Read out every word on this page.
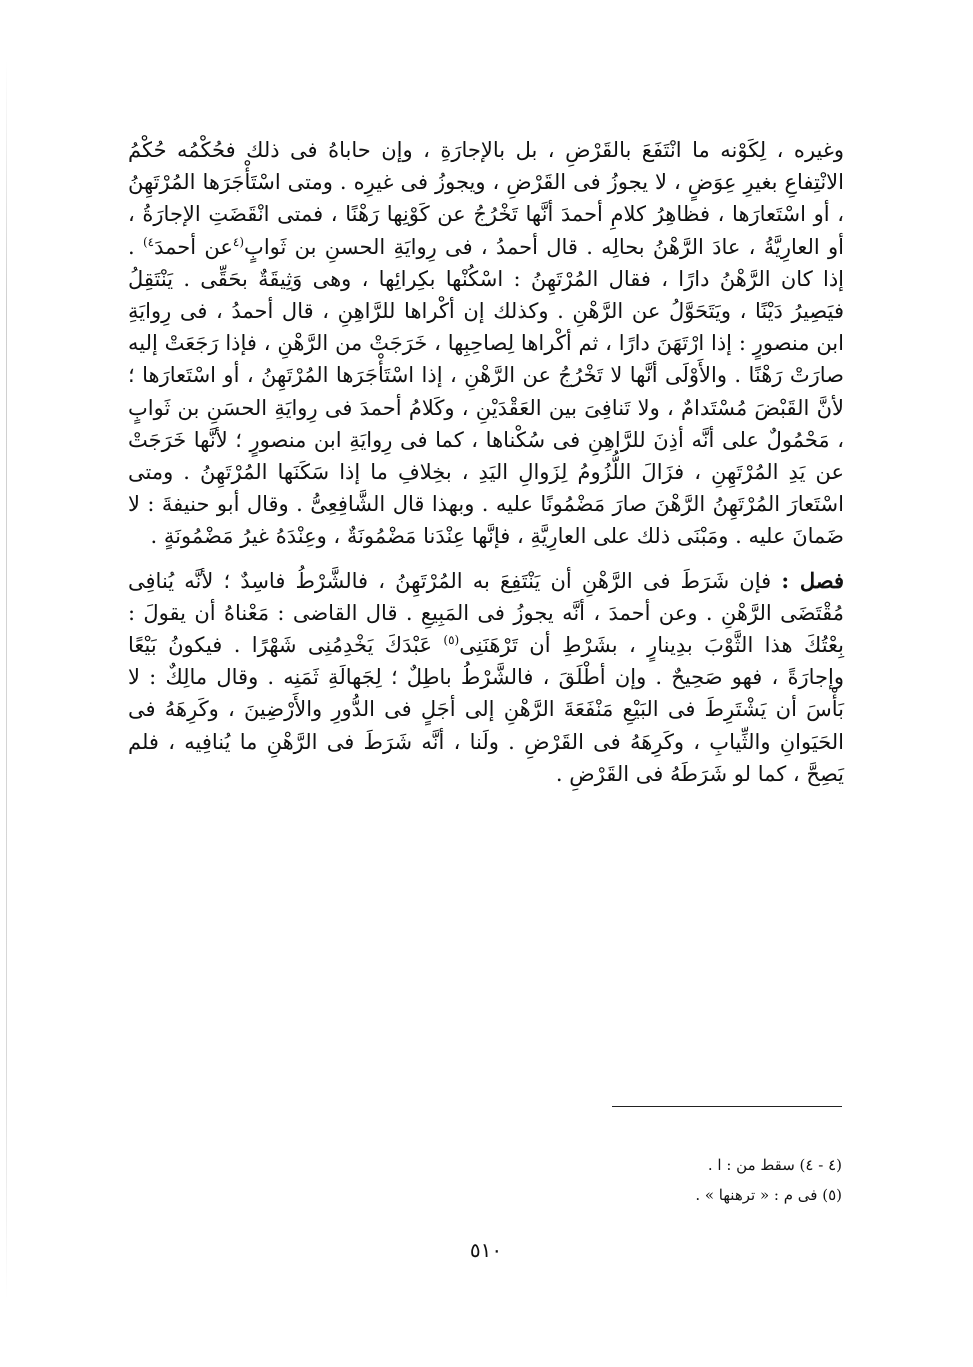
وغيره ، لِكَوْنه ما انْتَفَعَ بالقَرْضِ ، بل بالإجارَةِ ، وإن حاباهُ فى ذلك فحُكْمُه حُكْمُ الانْتِفاعِ بغيرِ عِوَضٍ ، لا يجوزُ فى القَرْضِ ، ويجوزُ فى غيرِه . ومتى اسْتَأْجَرَها المُرْتَهِنُ ، أو اسْتَعارَها ، فظاهِرُ كلامِ أحمدَ أنَّها تَخْرُجُ عن كَوْنِها رَهْنًا ، فمتى انْقَضَتِ الإجارَةُ ، أو العارِيَّةُ ، عادَ الرَّهْنُ بحالِه . قال أحمدُ ، فى رِوايَةِ الحسنِ بن ثَوابٍ$^{(٤}$عن أحمدَ$^{٤)}$ . إذا كان الرَّهْنُ دارًا ، فقال المُرْتَهِنُ : اسْكُنْها بكِرائِها ، وهى وَثِيقَةٌ بحَقِّى . يَنْتَقِلُ فيَصِيرُ دَيْنًا ، ويَتَحَوَّلُ عن الرَّهْنِ . وكذلك إن أكْراها للرَّاهِنِ ، قال أحمدُ ، فى رِوايَةِ ابن منصورٍ : إذا ارْتَهَنَ دارًا ، ثم أكْراها لِصاحِبِها ، خَرَجَتْ من الرَّهْنِ ، فإذا رَجَعَتْ إليه صارَتْ رَهْنًا . والأَوْلَى أنَّها لا تَخْرُجُ عن الرَّهْنِ ، إذا اسْتَأْجَرَها المُرْتَهِنُ ، أو اسْتَعارَها ؛ لأنَّ القَبْضَ مُسْتَدامٌ ، ولا تَنافِىَ بين العَقْدَيْنِ ، وكَلامُ أحمدَ فى رِوايَةِ الحسَنِ بن ثَوابٍ ، مَحْمُولٌ على أنَّه أذِنَ للرَّاهِنِ فى سُكْناها ، كما فى رِوايَةِ ابن منصورٍ ؛ لأنَّها خَرَجَتْ عن يَدِ المُرْتَهِنِ ، فزَالَ اللُّزُومُ لِزَوالِ اليَدِ ، بخِلافِ ما إذا سَكَنَها المُرْتَهِنُ . ومتى اسْتَعارَ المُرْتَهِنُ الرَّهْنَ صارَ مَضْمُونًا عليه . وبهذا قال الشَّافِعِىُّ . وقال أبو حنيفةَ : لا ضَمانَ عليه . ومَبْنَى ذلك على العارِيَّةِ ، فإنَّها عِنْدَنا مَضْمُونَةٌ ، وعِنْدَهُ غيرُ مَضْمُونَةٍ .

فصل : فإن شَرَطَ فى الرَّهْنِ أن يَنْتَفِعَ به المُرْتَهِنُ ، فالشَّرْطُ فاسِدٌ ؛ لأنَّه يُنافِى مُقْتَضَى الرَّهْنِ . وعن أحمدَ ، أنَّه يجوزُ فى المَبِيعِ . قال القاضى : مَعْناهُ أن يقولَ : بِعْتُكَ هذا الثَّوْبَ بدِينارٍ ، بشَرْطِ أن تَرْهَنَنِى$^{(٥)}$ عَبْدَكَ يَخْدِمُنِى شَهْرًا . فيكونُ بَيْعًا وإجارَةً ، فهو صَحِيحٌ . وإن أطْلَقَ ، فالشَّرْطُ باطِلٌ ؛ لِجَهالَةِ ثَمَنِه . وقال مالِكٌ : لا بَأْسَ أن يَشْتَرِطَ فى البَيْعِ مَنْفَعَةَ الرَّهْنِ إلى أجَلٍ فى الدُّورِ والأَرْضِينَ ، وكَرِهَهُ فى الحَيَوانِ والثِّيابِ ، وكَرِهَهُ فى القَرْضِ . ولَنا ، أنَّه شَرَطَ فى الرَّهْنِ ما يُنافِيه ، فلم يَصِحَّ ، كما لو شَرَطَهُ فى القَرْضِ .

(٤ - ٤) سقط من : ا .

(٥) فى م : « ترهنها » .

٥١٠
